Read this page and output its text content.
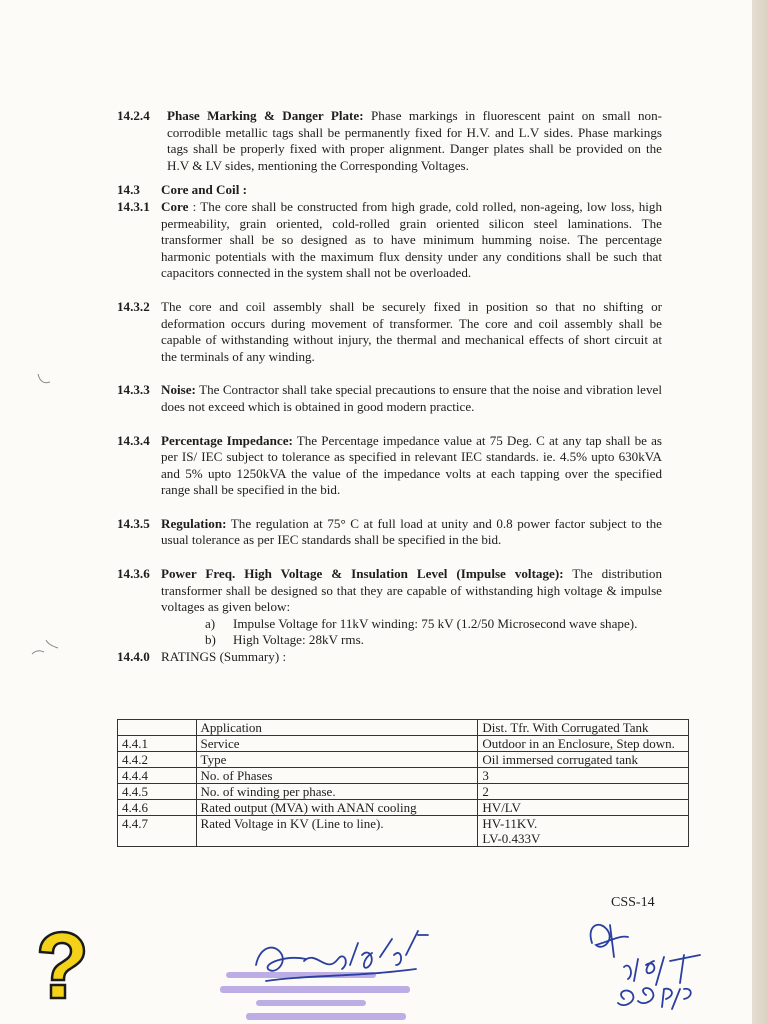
14.2.4	Phase Marking & Danger Plate: Phase markings in fluorescent paint on small non-corrodible metallic tags shall be permanently fixed for H.V. and L.V sides. Phase markings tags shall be properly fixed with proper alignment. Danger plates shall be provided on the H.V & LV sides, mentioning the Corresponding Voltages.
14.3	Core and Coil :
14.3.1 Core : The core shall be constructed from high grade, cold rolled, non-ageing, low loss, high permeability, grain oriented, cold-rolled grain oriented silicon steel laminations. The transformer shall be so designed as to have minimum humming noise. The percentage harmonic potentials with the maximum flux density under any conditions shall be such that capacitors connected in the system shall not be overloaded.
14.3.2 The core and coil assembly shall be securely fixed in position so that no shifting or deformation occurs during movement of transformer. The core and coil assembly shall be capable of withstanding without injury, the thermal and mechanical effects of short circuit at the terminals of any winding.
14.3.3 Noise: The Contractor shall take special precautions to ensure that the noise and vibration level does not exceed which is obtained in good modern practice.
14.3.4 Percentage Impedance: The Percentage impedance value at 75 Deg. C at any tap shall be as per IS/ IEC subject to tolerance as specified in relevant IEC standards. ie. 4.5% upto 630kVA and 5% upto 1250kVA the value of the impedance volts at each tapping over the specified range shall be specified in the bid.
14.3.5 Regulation: The regulation at 75° C at full load at unity and 0.8 power factor subject to the usual tolerance as per IEC standards shall be specified in the bid.
14.3.6 Power Freq. High Voltage & Insulation Level (Impulse voltage): The distribution transformer shall be designed so that they are capable of withstanding high voltage & impulse voltages as given below:
a)	Impulse Voltage for 11kV winding: 75 kV (1.2/50 Microsecond wave shape).
b)	High Voltage: 28kV rms.
14.4.0 RATINGS (Summary) :
	Application	Dist. Tfr. With Corrugated Tank
4.4.1	Service	Outdoor in an Enclosure, Step down.
4.4.2	Type	Oil immersed corrugated tank
4.4.4	No. of Phases	3
4.4.5	No. of winding per phase.	2
4.4.6	Rated output (MVA) with ANAN cooling	HV/LV
4.4.7	Rated Voltage in KV (Line to line).	HV-11KV.
LV-0.433V
CSS-14
